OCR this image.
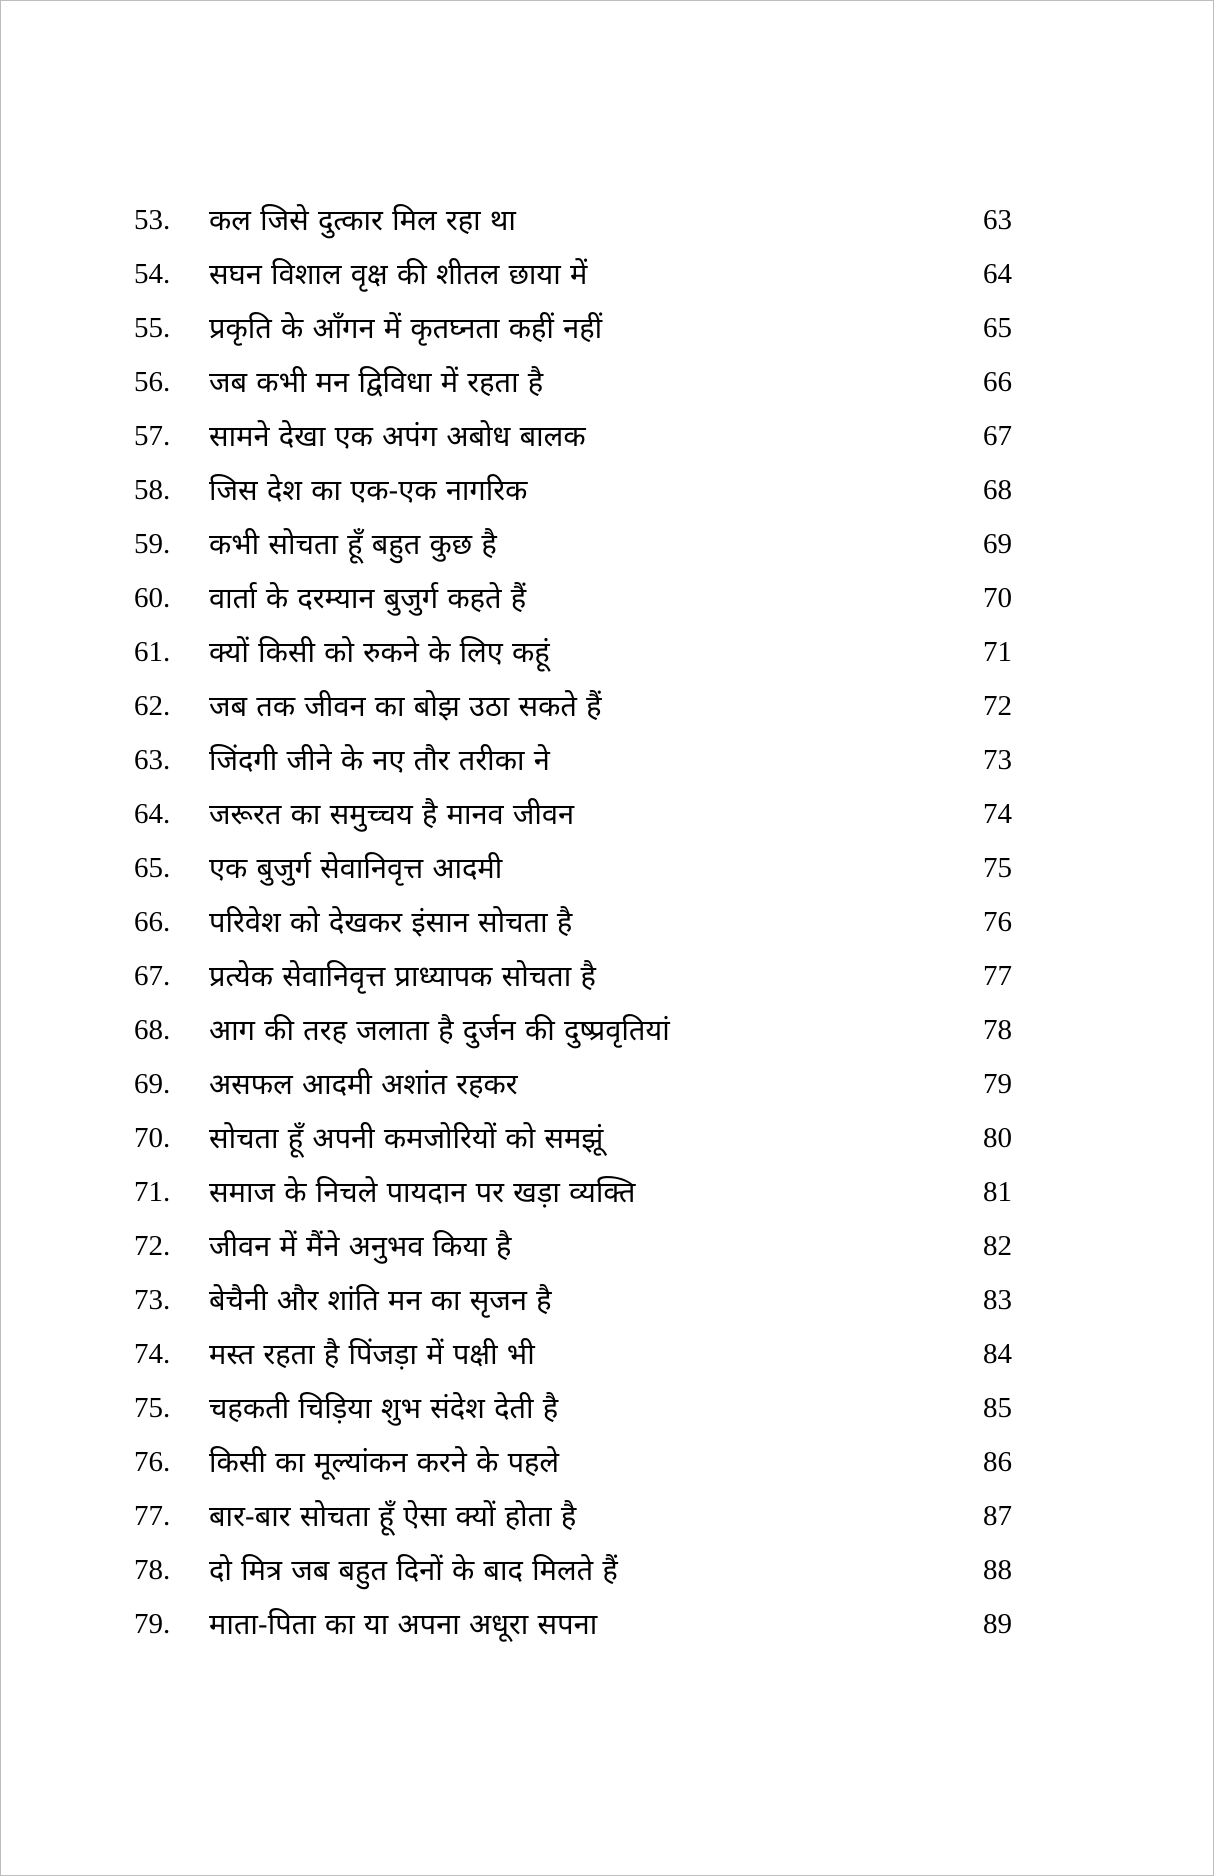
53.	कल जिसे दुत्कार मिल रहा था	63
54.	सघन विशाल वृक्ष की शीतल छाया में	64
55.	प्रकृति के आँगन में कृतघ्नता कहीं नहीं	65
56.	जब कभी मन द्विविधा में रहता है	66
57.	सामने देखा एक अपंग अबोध बालक	67
58.	जिस देश का एक-एक नागरिक	68
59.	कभी सोचता हूँ बहुत कुछ है	69
60.	वार्ता के दरम्यान बुजुर्ग कहते हैं	70
61.	क्यों किसी को रुकने के लिए कहूं	71
62.	जब तक जीवन का बोझ उठा सकते हैं	72
63.	जिंदगी जीने के नए तौर तरीका ने	73
64.	जरूरत का समुच्चय है मानव जीवन	74
65.	एक बुजुर्ग सेवानिवृत्त आदमी	75
66.	परिवेश को देखकर इंसान सोचता है	76
67.	प्रत्येक सेवानिवृत्त प्राध्यापक सोचता है	77
68.	आग की तरह जलाता है दुर्जन की दुष्प्रवृतियां	78
69.	असफल आदमी अशांत रहकर	79
70.	सोचता हूँ अपनी कमजोरियों को समझूं	80
71.	समाज के निचले पायदान पर खड़ा व्यक्ति	81
72.	जीवन में मैंने अनुभव किया है	82
73.	बेचैनी और शांति मन का सृजन है	83
74.	मस्त रहता है पिंजड़ा में पक्षी भी	84
75.	चहकती चिड़िया शुभ संदेश देती है	85
76.	किसी का मूल्यांकन करने के पहले	86
77.	बार-बार सोचता हूँ ऐसा क्यों होता है	87
78.	दो मित्र जब बहुत दिनों के बाद मिलते हैं	88
79.	माता-पिता का या अपना अधूरा सपना	89
